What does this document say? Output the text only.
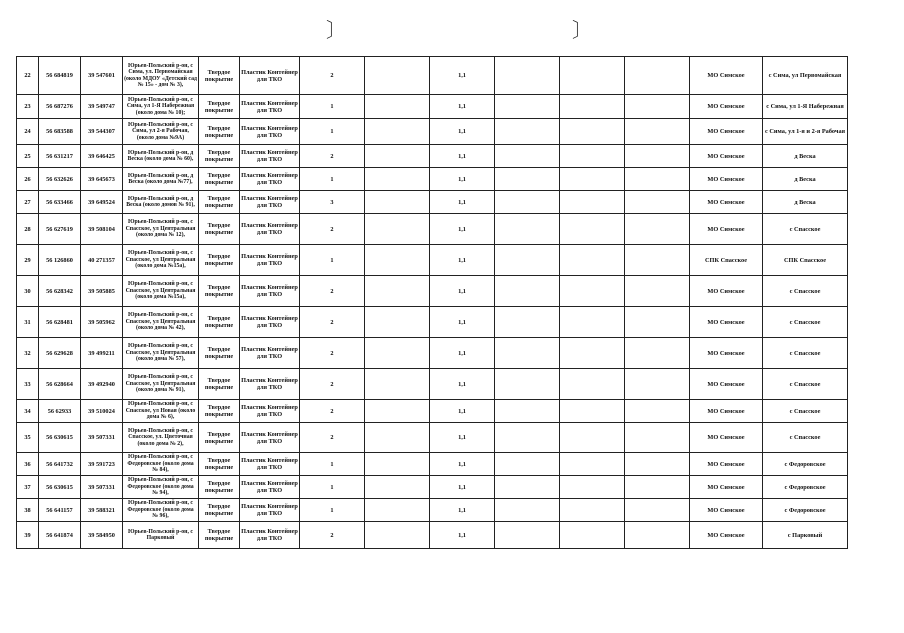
〕	〕
22	56 684819	39 547601	Юрьев-Польский р-он, с Сима, ул. Первомайская (около МДОУ «Детский сад № 15» - дом № 3),	Твердое покрытие	Пластик Контейнер для ТКО	2		1,1				МО Симское	с Сима, ул Первомайская
23	56 687276	39 549747	Юрьев-Польский р-он, с Сима, ул 1-Я Набережная (около дома № 10);	Твердое покрытие	Пластик Контейнер для ТКО	1		1,1				МО Симское	с Сима, ул 1-Я Набережная
24	56 683588	39 544307	Юрьев-Польский р-он, с Сима, ул 2-я Рабочая, (около дома №9А)	Твердое покрытие	Пластик Контейнер для ТКО	1		1,1				МО Симское	с Сима, ул 1-я и 2-я Рабочая
25	56 631217	39 646425	Юрьев-Польский р-он, д Веска (около дома № 60),	Твердое покрытие	Пластик Контейнер для ТКО	2		1,1				МО Симское	д Веска
26	56 632626	39 645673	Юрьев-Польский р-он, д Веска (около дома №77),	Твердое покрытие	Пластик Контейнер для ТКО	1		1,1				МО Симское	д Веска
27	56 633466	39 649524	Юрьев-Польский р-он, д Веска (около домов № 91),	Твердое покрытие	Пластик Контейнер для ТКО	3		1,1				МО Симское	д Веска
28	56 627619	39 508104	Юрьев-Польский р-он, с Спасское, ул Центральная (около дома № 12),	Твердое покрытие	Пластик Контейнер для ТКО	2		1,1				МО Симское	с Спасское
29	56 126860	40 271357	Юрьев-Польский р-он, с Спасское, ул Центральная (около дома №15а),	Твердое покрытие	Пластик Контейнер для ТКО	1		1,1				СПК Спасское	СПК Спасское
30	56 628342	39 505885	Юрьев-Польский р-он, с Спасское, ул Центральная (около дома №15а),	Твердое покрытие	Пластик Контейнер для ТКО	2		1,1				МО Симское	с Спасское
31	56 628481	39 505962	Юрьев-Польский р-он, с Спасское, ул Центральная (около дома № 42),	Твердое покрытие	Пластик Контейнер для ТКО	2		1,1				МО Симское	с Спасское
32	56 629628	39 499211	Юрьев-Польский р-он, с Спасское, ул Центральная (около дома № 57),	Твердое покрытие	Пластик Контейнер для ТКО	2		1,1				МО Симское	с Спасское
33	56 628664	39 492940	Юрьев-Польский р-он, с Спасское, ул Центральная (около дома № 91),	Твердое покрытие	Пластик Контейнер для ТКО	2		1,1				МО Симское	с Спасское
34	56 62933	39 510024	Юрьев-Польский р-он, с Спасское, ул Новая (около дома № 6),	Твердое покрытие	Пластик Контейнер для ТКО	2		1,1				МО Симское	с Спасское
35	56 630615	39 507331	Юрьев-Польский р-он, с Спасское, ул. Цветочная (около дома № 2),	Твердое покрытие	Пластик Контейнер для ТКО	2		1,1				МО Симское	с Спасское
36	56 641732	39 591723	Юрьев-Польский р-он, с Федоровское (около дома № 84),	Твердое покрытие	Пластик Контейнер для ТКО	1		1,1				МО Симское	с Федоровское
37	56 630615	39 507331	Юрьев-Польский р-он, с Федоровское (около дома № 94),	Твердое покрытие	Пластик Контейнер для ТКО	1		1,1				МО Симское	с Федоровское
38	56 641157	39 588321	Юрьев-Польский р-он, с Федоровское (около дома № 96),	Твердое покрытие	Пластик Контейнер для ТКО	1		1,1				МО Симское	с Федоровское
39	56 641874	39 584950	Юрьев-Польский р-он, с Парковый	Твердое покрытие	Пластик Контейнер для ТКО	2		1,1				МО Симское	с Парковый
